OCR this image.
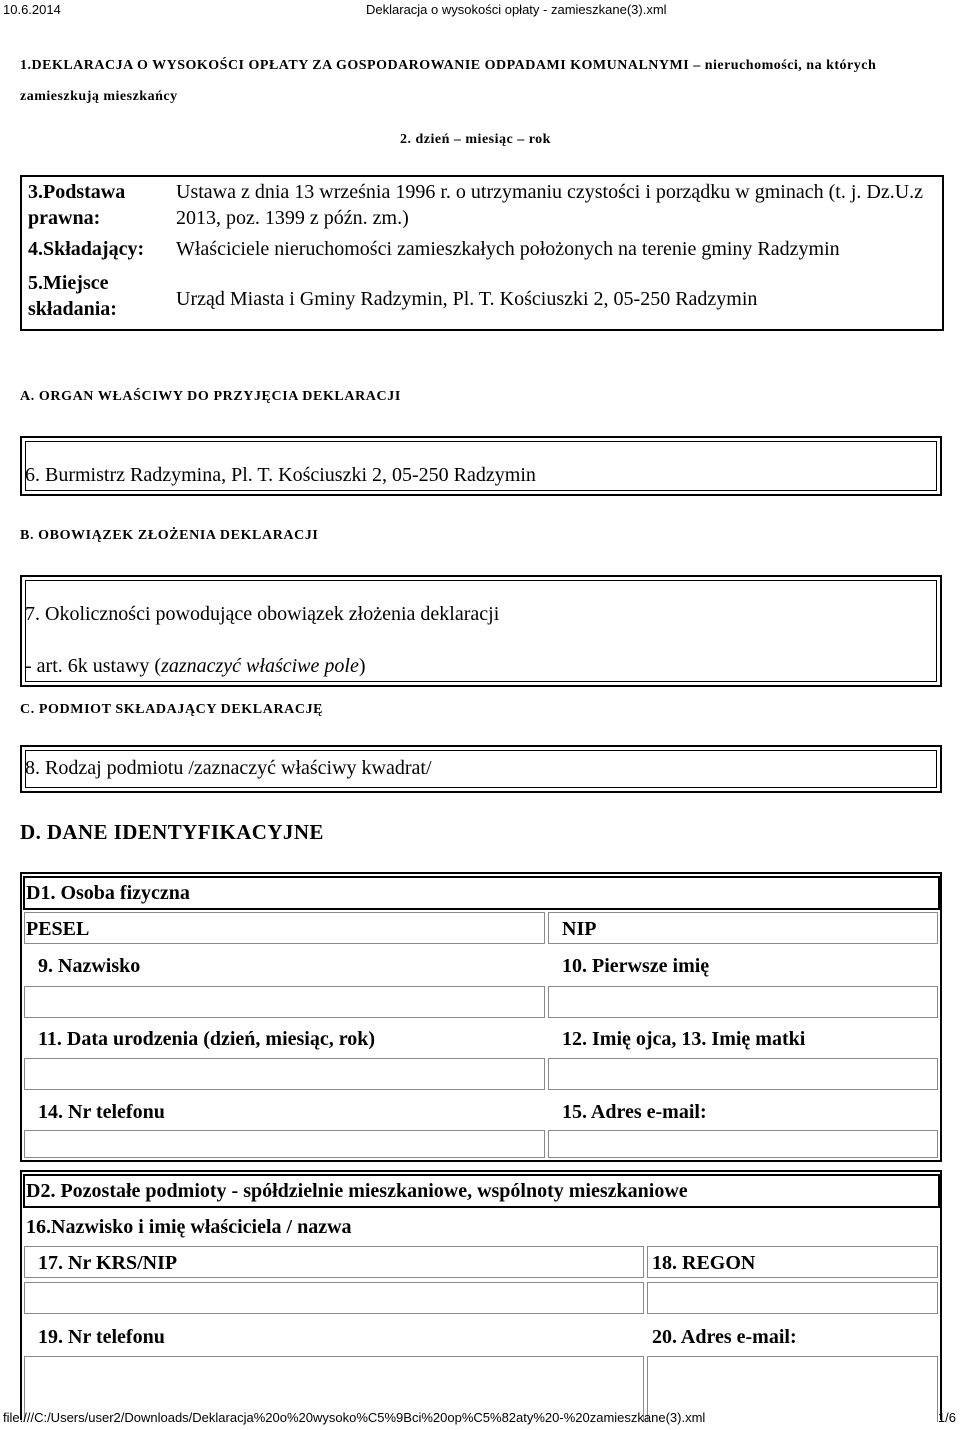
10.6.2014	Deklaracja o wysokości opłaty - zamieszkane(3).xml
1.DEKLARACJA O WYSOKOŚCI OPŁATY ZA GOSPODAROWANIE ODPADAMI KOMUNALNYMI – nieruchomości, na których zamieszkują mieszkańcy
2. dzień – miesiąc – rok
3.Podstawa prawna:	Ustawa z dnia 13 września 1996 r. o utrzymaniu czystości i porządku w gminach (t. j. Dz.U.z 2013, poz. 1399 z późn. zm.)
4.Składający:	Właściciele nieruchomości zamieszkałych położonych na terenie gminy Radzymin
5.Miejsce składania:	Urząd Miasta i Gminy Radzymin, Pl. T. Kościuszki 2, 05-250 Radzymin
A. ORGAN WŁAŚCIWY DO PRZYJĘCIA DEKLARACJI
6. Burmistrz Radzymina, Pl. T. Kościuszki 2, 05-250 Radzymin
B. OBOWIĄZEK ZŁOŻENIA DEKLARACJI
7. Okoliczności powodujące obowiązek złożenia deklaracji
- art. 6k ustawy (zaznaczyć właściwe pole)
C. PODMIOT SKŁADAJĄCY DEKLARACJĘ
8. Rodzaj podmiotu /zaznaczyć właściwy kwadrat/
D. DANE IDENTYFIKACYJNE
D1. Osoba fizyczna
PESEL	NIP
9. Nazwisko	10. Pierwsze imię
11. Data urodzenia (dzień, miesiąc, rok)	12. Imię ojca, 13. Imię matki
14. Nr telefonu	15. Adres e-mail:
D2. Pozostałe podmioty - spółdzielnie mieszkaniowe, wspólnoty mieszkaniowe
16.Nazwisko i imię właściciela / nazwa
17. Nr KRS/NIP	18. REGON
19. Nr telefonu	20. Adres e-mail:
file:///C:/Users/user2/Downloads/Deklaracja%20o%20wysoko%C5%9Bci%20op%C5%82aty%20-%20zamieszkane(3).xml	1/6
